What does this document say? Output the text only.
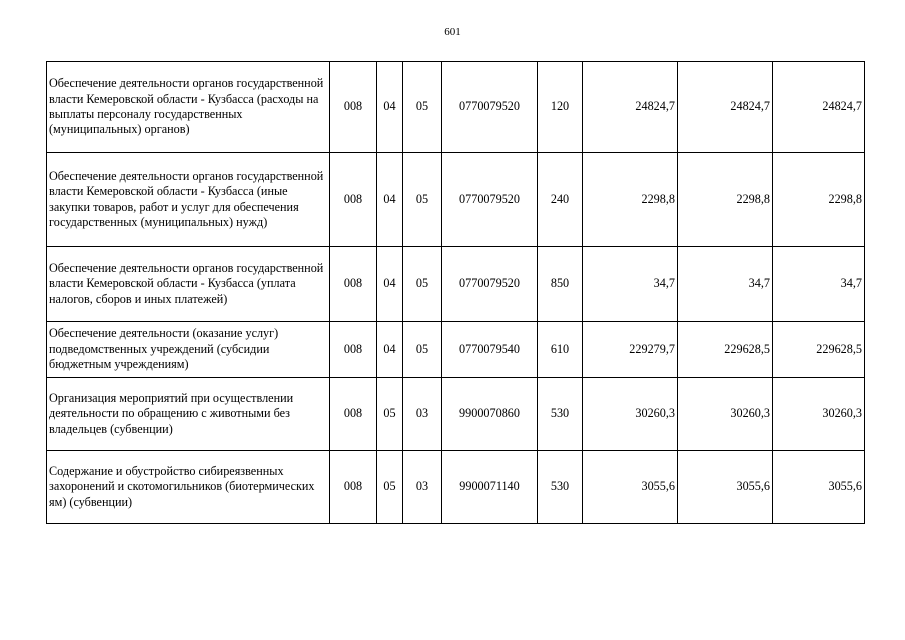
601
Обеспечение деятельности органов государственной власти Кемеровской области - Кузбасса (расходы на выплаты персоналу государственных (муниципальных) органов)	008	04	05	0770079520	120	24824,7	24824,7	24824,7
Обеспечение деятельности органов государственной власти Кемеровской области - Кузбасса (иные закупки товаров, работ и услуг для обеспечения государственных (муниципальных) нужд)	008	04	05	0770079520	240	2298,8	2298,8	2298,8
Обеспечение деятельности органов государственной власти Кемеровской области - Кузбасса (уплата налогов, сборов и иных платежей)	008	04	05	0770079520	850	34,7	34,7	34,7
Обеспечение деятельности (оказание услуг) подведомственных учреждений (субсидии бюджетным учреждениям)	008	04	05	0770079540	610	229279,7	229628,5	229628,5
Организация мероприятий при осуществлении деятельности по обращению с животными без владельцев (субвенции)	008	05	03	9900070860	530	30260,3	30260,3	30260,3
Содержание и обустройство сибиреязвенных захоронений и скотомогильников (биотермических ям) (субвенции)	008	05	03	9900071140	530	3055,6	3055,6	3055,6
